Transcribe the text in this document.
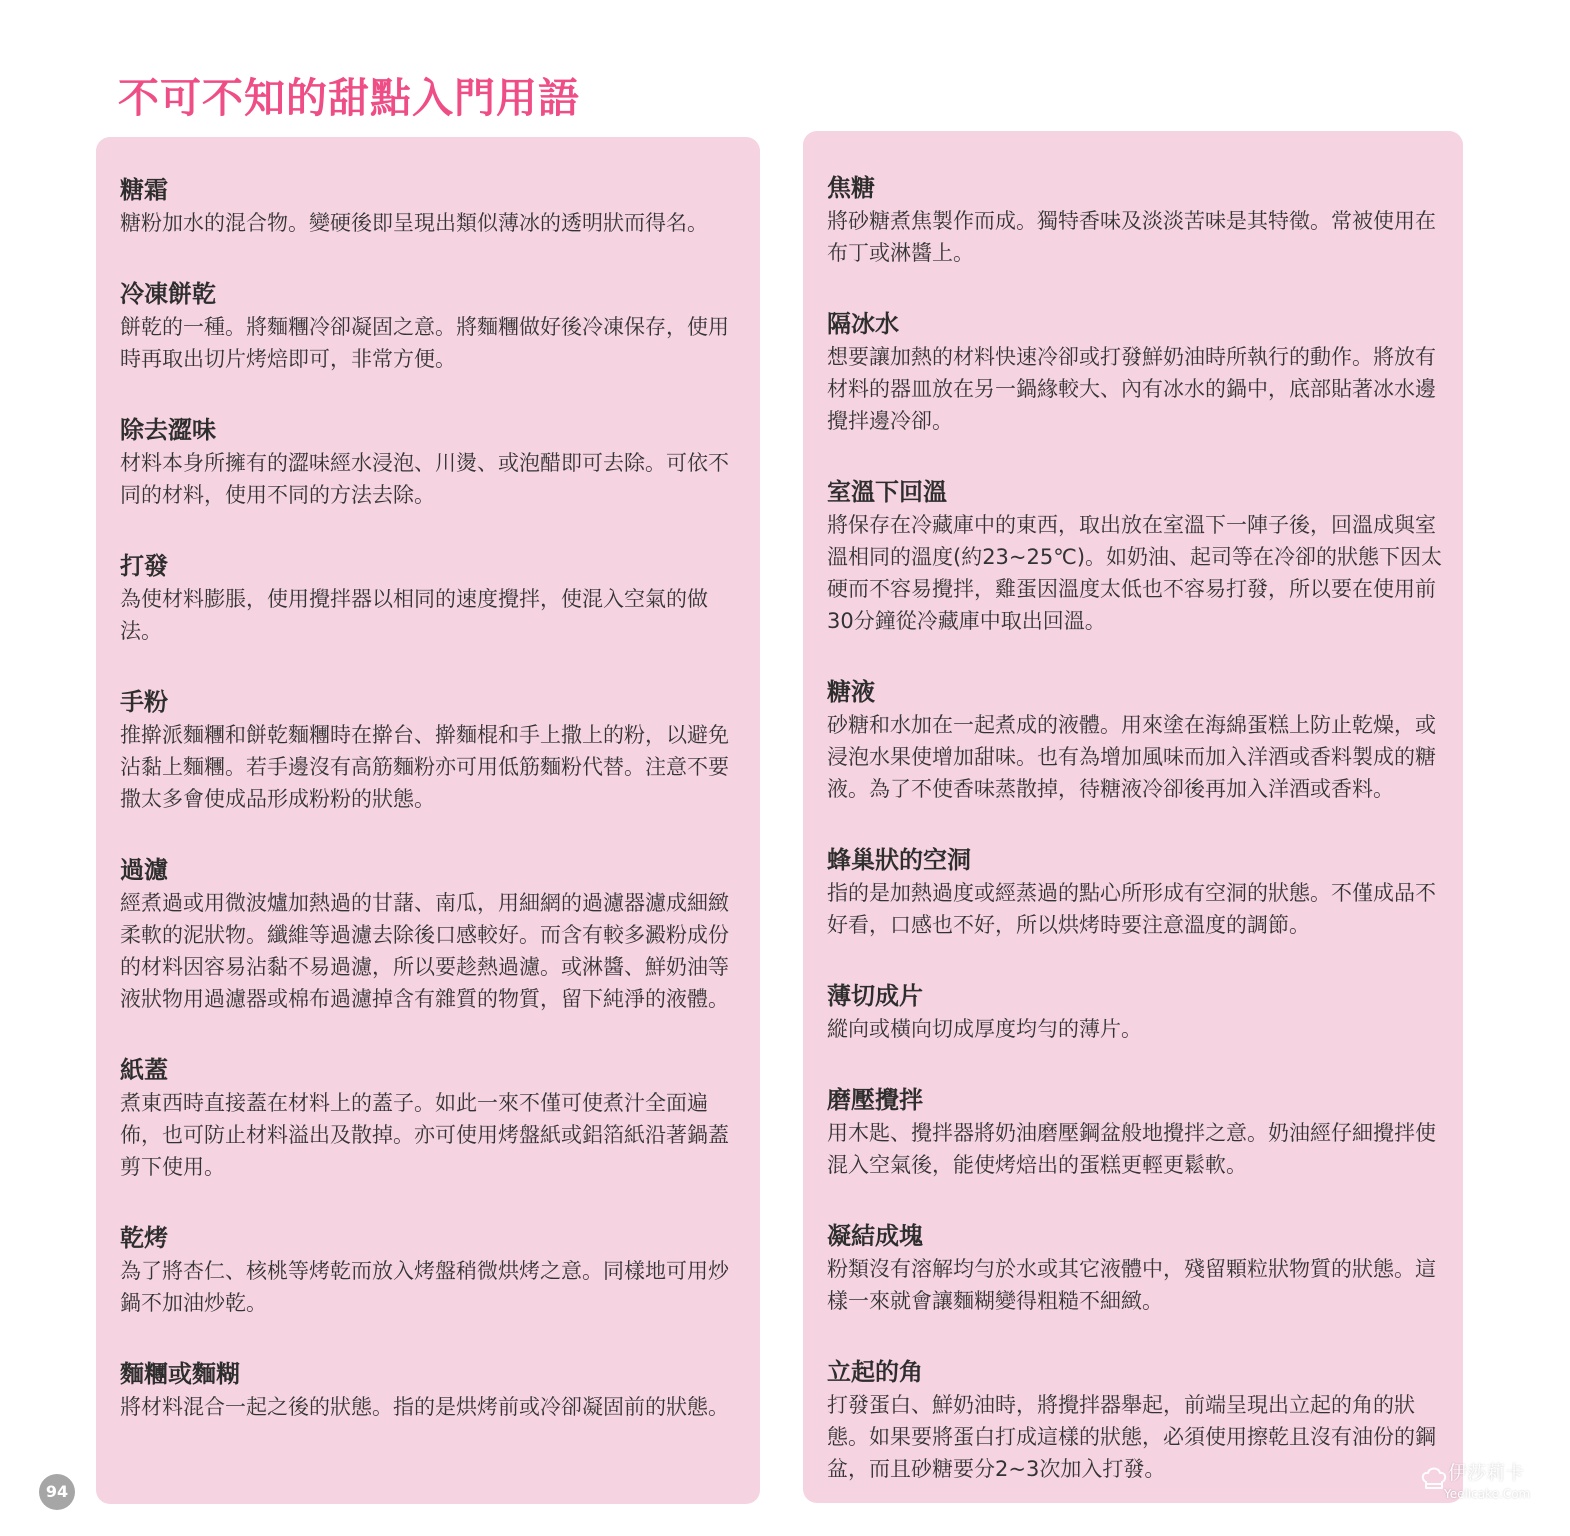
不可不知的甜點入門用語

糖霜

糖粉加水的混合物。變硬後即呈現出類似薄冰的透明狀而得名。

冷凍餅乾

餅乾的一種。將麵糰冷卻凝固之意。將麵糰做好後冷凍保存，使用時再取出切片烤焙即可，非常方便。

除去澀味

材料本身所擁有的澀味經水浸泡、川燙、或泡醋即可去除。可依不同的材料，使用不同的方法去除。

打發

為使材料膨脹，使用攪拌器以相同的速度攪拌，使混入空氣的做法。

手粉

推擀派麵糰和餅乾麵糰時在擀台、擀麵棍和手上撒上的粉，以避免沾黏上麵糰。若手邊沒有高筋麵粉亦可用低筋麵粉代替。注意不要撒太多會使成品形成粉粉的狀態。

過濾

經煮過或用微波爐加熱過的甘藷、南瓜，用細網的過濾器濾成細緻柔軟的泥狀物。纖維等過濾去除後口感較好。而含有較多澱粉成份的材料因容易沾黏不易過濾，所以要趁熱過濾。或淋醬、鮮奶油等液狀物用過濾器或棉布過濾掉含有雜質的物質，留下純淨的液體。

紙蓋

煮東西時直接蓋在材料上的蓋子。如此一來不僅可使煮汁全面遍佈，也可防止材料溢出及散掉。亦可使用烤盤紙或鋁箔紙沿著鍋蓋剪下使用。

乾烤

為了將杏仁、核桃等烤乾而放入烤盤稍微烘烤之意。同樣地可用炒鍋不加油炒乾。

麵糰或麵糊

將材料混合一起之後的狀態。指的是烘烤前或冷卻凝固前的狀態。

焦糖

將砂糖煮焦製作而成。獨特香味及淡淡苦味是其特徵。常被使用在布丁或淋醬上。

隔冰水

想要讓加熱的材料快速冷卻或打發鮮奶油時所執行的動作。將放有材料的器皿放在另一鍋緣較大、內有冰水的鍋中，底部貼著冰水邊攪拌邊冷卻。

室溫下回溫

將保存在冷藏庫中的東西，取出放在室溫下一陣子後，回溫成與室溫相同的溫度(約23~25℃)。如奶油、起司等在冷卻的狀態下因太硬而不容易攪拌，雞蛋因溫度太低也不容易打發，所以要在使用前30分鐘從冷藏庫中取出回溫。

糖液

砂糖和水加在一起煮成的液體。用來塗在海綿蛋糕上防止乾燥，或浸泡水果使增加甜味。也有為增加風味而加入洋酒或香料製成的糖液。為了不使香味蒸散掉，待糖液冷卻後再加入洋酒或香料。

蜂巢狀的空洞

指的是加熱過度或經蒸過的點心所形成有空洞的狀態。不僅成品不好看，口感也不好，所以烘烤時要注意溫度的調節。

薄切成片

縱向或橫向切成厚度均勻的薄片。

磨壓攪拌

用木匙、攪拌器將奶油磨壓鋼盆般地攪拌之意。奶油經仔細攪拌使混入空氣後，能使烤焙出的蛋糕更輕更鬆軟。

凝結成塊

粉類沒有溶解均勻於水或其它液體中，殘留顆粒狀物質的狀態。這樣一來就會讓麵糊變得粗糙不細緻。

立起的角

打發蛋白、鮮奶油時，將攪拌器舉起，前端呈現出立起的角的狀態。如果要將蛋白打成這樣的狀態，必須使用擦乾且沒有油份的鋼盆，而且砂糖要分2~3次加入打發。

94
伊莎莉卡
Yeelicake.Com
